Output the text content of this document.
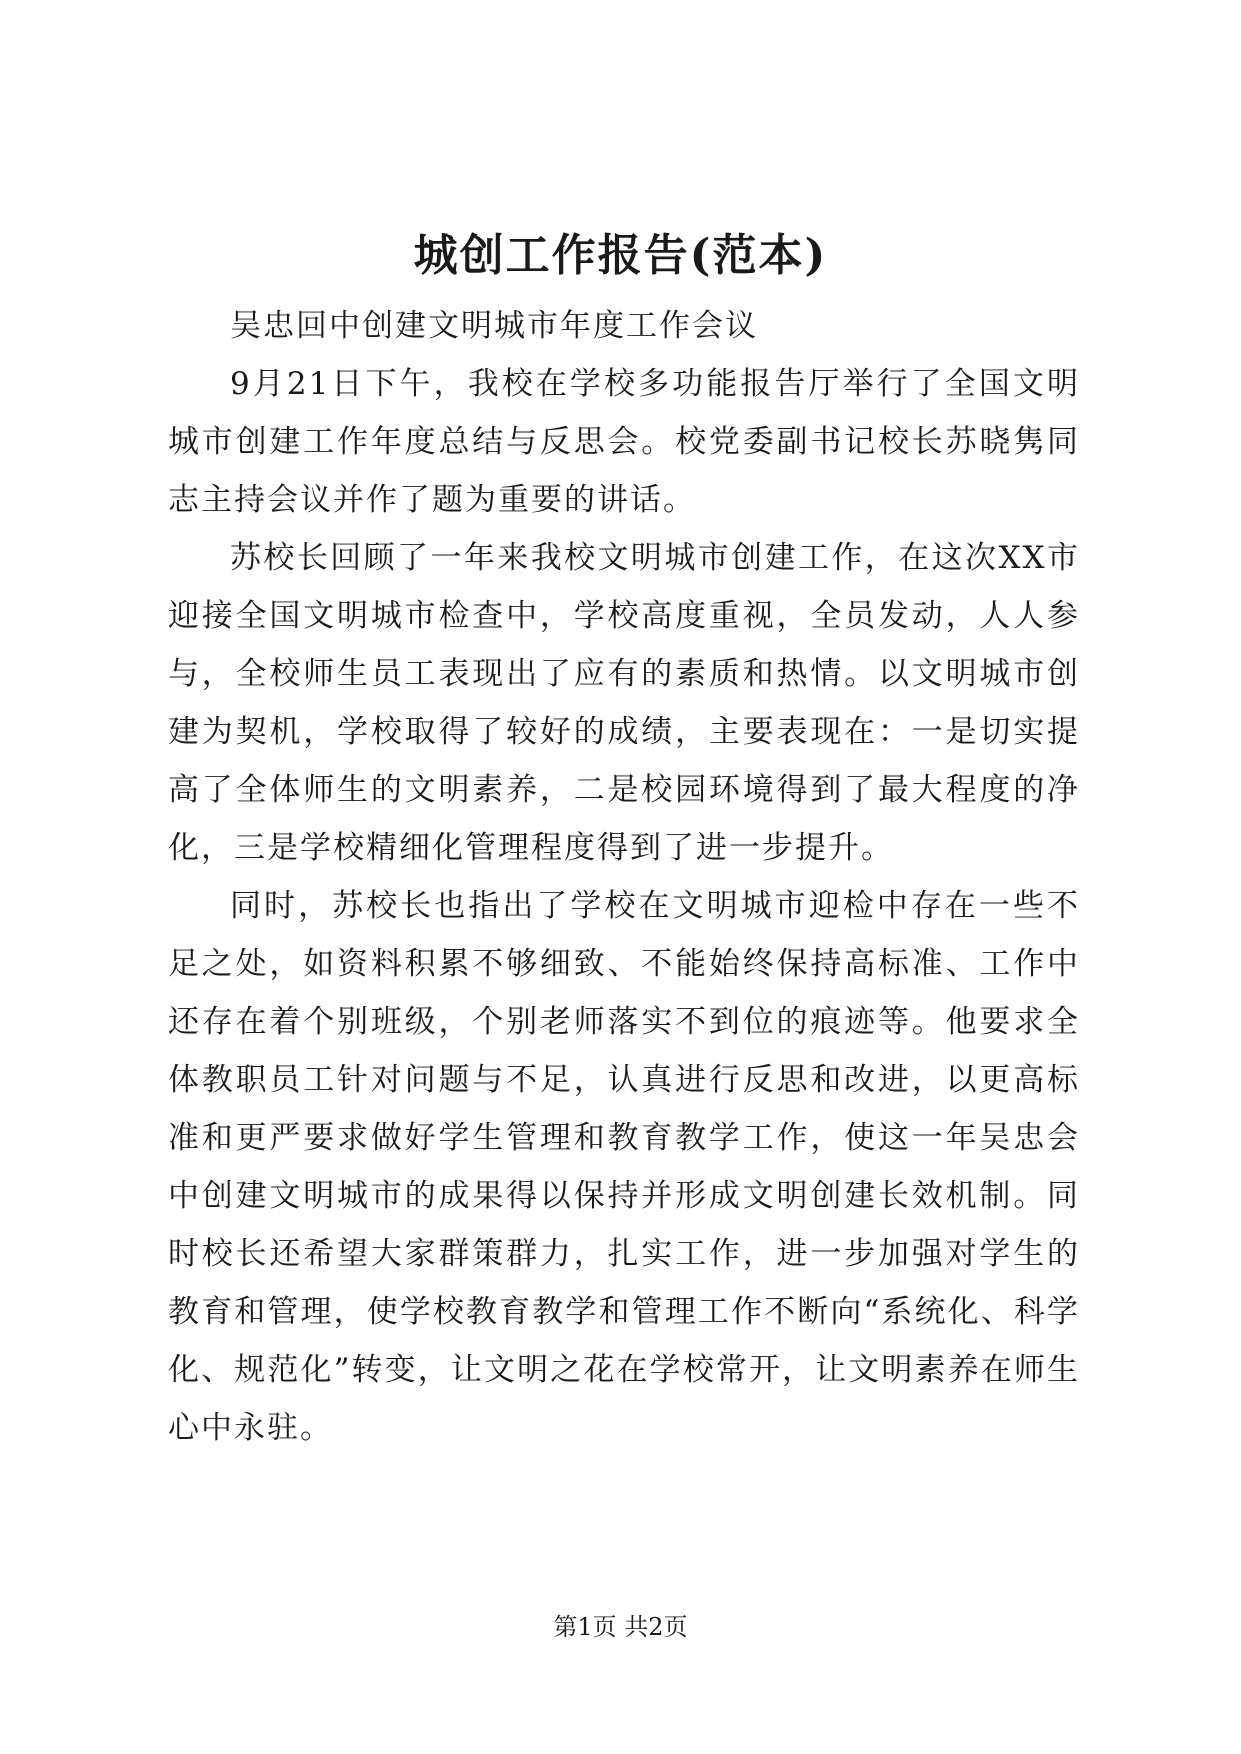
城创工作报告(范本)

吴忠回中创建文明城市年度工作会议

9月21日下午，我校在学校多功能报告厅举行了全国文明城市创建工作年度总结与反思会。校党委副书记校长苏晓隽同志主持会议并作了题为重要的讲话。

苏校长回顾了一年来我校文明城市创建工作，在这次XX市迎接全国文明城市检查中，学校高度重视，全员发动，人人参与，全校师生员工表现出了应有的素质和热情。以文明城市创建为契机，学校取得了较好的成绩，主要表现在：一是切实提高了全体师生的文明素养，二是校园环境得到了最大程度的净化，三是学校精细化管理程度得到了进一步提升。

同时，苏校长也指出了学校在文明城市迎检中存在一些不足之处，如资料积累不够细致、不能始终保持高标准、工作中还存在着个别班级，个别老师落实不到位的痕迹等。他要求全体教职员工针对问题与不足，认真进行反思和改进，以更高标准和更严要求做好学生管理和教育教学工作，使这一年吴忠会中创建文明城市的成果得以保持并形成文明创建长效机制。同时校长还希望大家群策群力，扎实工作，进一步加强对学生的教育和管理，使学校教育教学和管理工作不断向“系统化、科学化、规范化”转变，让文明之花在学校常开，让文明素养在师生心中永驻。

第1页 共2页
